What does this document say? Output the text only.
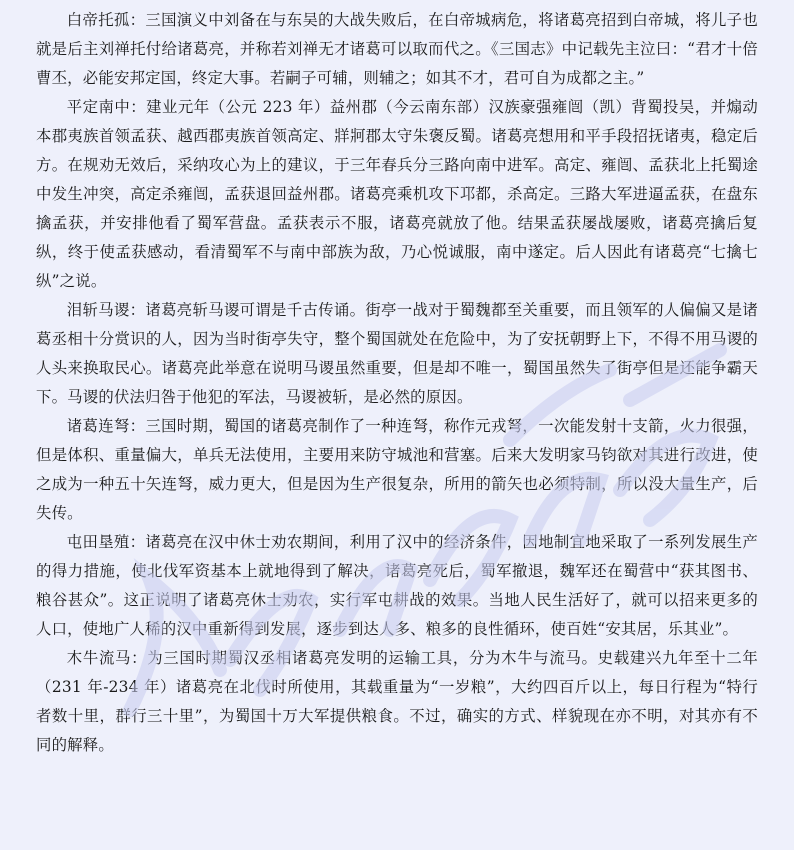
白帝托孤：三国演义中刘备在与东吴的大战失败后，在白帝城病危，将诸葛亮招到白帝城，将儿子也就是后主刘禅托付给诸葛亮，并称若刘禅无才诸葛可以取而代之。《三国志》中记载先主泣曰：“君才十倍曹丕，必能安邦定国，终定大事。若嗣子可辅，则辅之；如其不才，君可自为成都之主。”

平定南中：建业元年（公元 223 年）益州郡（今云南东部）汉族豪强雍闿（凯）背蜀投吴，并煽动本郡夷族首领孟获、越西郡夷族首领高定、牂牁郡太守朱褒反蜀。诸葛亮想用和平手段招抚诸夷，稳定后方。在规劝无效后，采纳攻心为上的建议，于三年春兵分三路向南中进军。高定、雍闿、孟获北上托蜀途中发生冲突，高定杀雍闿，孟获退回益州郡。诸葛亮乘机攻下邛都，杀高定。三路大军进逼孟获，在盘东擒孟获，并安排他看了蜀军营盘。孟获表示不服，诸葛亮就放了他。结果孟获屡战屡败，诸葛亮擒后复纵，终于使孟获感动，看清蜀军不与南中部族为敌，乃心悦诚服，南中遂定。后人因此有诸葛亮“七擒七纵”之说。

泪斩马谡：诸葛亮斩马谡可谓是千古传诵。街亭一战对于蜀魏都至关重要，而且领军的人偏偏又是诸葛丞相十分赏识的人，因为当时街亭失守，整个蜀国就处在危险中，为了安抚朝野上下，不得不用马谡的人头来换取民心。诸葛亮此举意在说明马谡虽然重要，但是却不唯一，蜀国虽然失了街亭但是还能争霸天下。马谡的伏法归咎于他犯的军法，马谡被斩，是必然的原因。

诸葛连弩：三国时期，蜀国的诸葛亮制作了一种连弩，称作元戎弩，一次能发射十支箭，火力很强，但是体积、重量偏大，单兵无法使用，主要用来防守城池和营塞。后来大发明家马钧欲对其进行改进，使之成为一种五十矢连弩，威力更大，但是因为生产很复杂，所用的箭矢也必须特制，所以没大量生产，后失传。

屯田垦殖：诸葛亮在汉中休士劝农期间，利用了汉中的经济条件，因地制宜地采取了一系列发展生产的得力措施，使北伐军资基本上就地得到了解决，诸葛亮死后，蜀军撤退，魏军还在蜀营中“获其图书、粮谷甚众”。这正说明了诸葛亮休士劝农，实行军屯耕战的效果。当地人民生活好了，就可以招来更多的人口，使地广人稀的汉中重新得到发展，逐步到达人多、粮多的良性循环，使百姓“安其居，乐其业”。

木牛流马：为三国时期蜀汉丞相诸葛亮发明的运输工具，分为木牛与流马。史载建兴九年至十二年（231 年-234 年）诸葛亮在北伐时所使用，其载重量为“一岁粮”，大约四百斤以上，每日行程为“特行者数十里，群行三十里”，为蜀国十万大军提供粮食。不过，确实的方式、样貌现在亦不明，对其亦有不同的解释。
